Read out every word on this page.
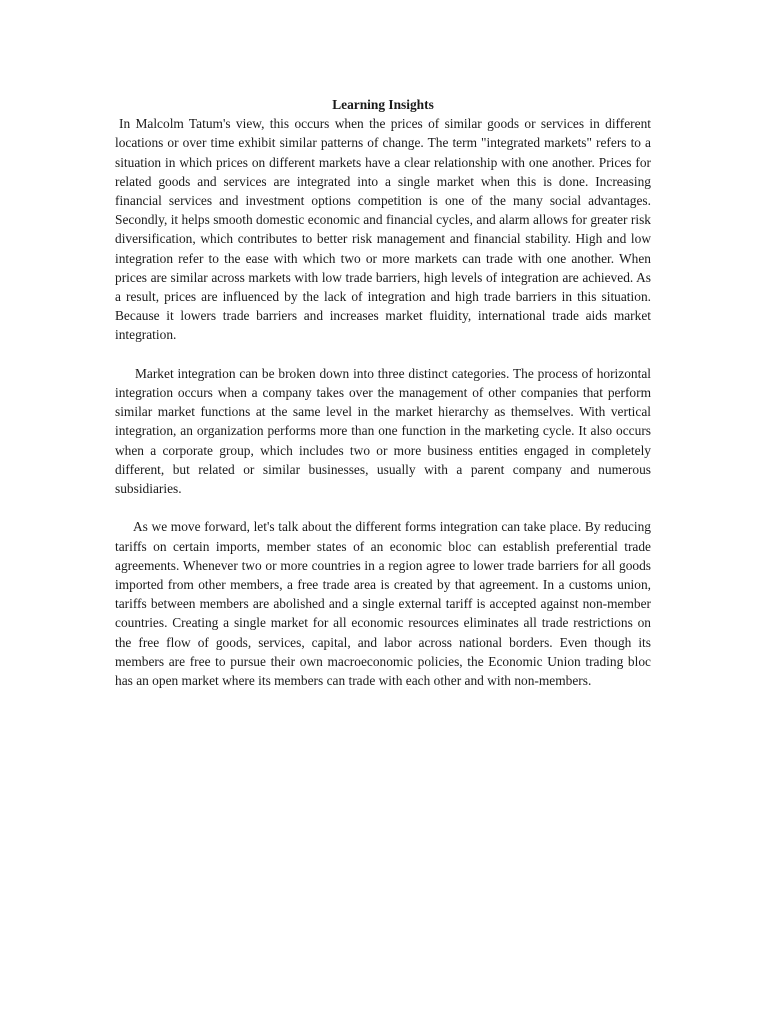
Learning Insights

In Malcolm Tatum's view, this occurs when the prices of similar goods or services in different locations or over time exhibit similar patterns of change. The term "integrated markets" refers to a situation in which prices on different markets have a clear relationship with one another. Prices for related goods and services are integrated into a single market when this is done. Increasing financial services and investment options competition is one of the many social advantages. Secondly, it helps smooth domestic economic and financial cycles, and alarm allows for greater risk diversification, which contributes to better risk management and financial stability. High and low integration refer to the ease with which two or more markets can trade with one another. When prices are similar across markets with low trade barriers, high levels of integration are achieved. As a result, prices are influenced by the lack of integration and high trade barriers in this situation. Because it lowers trade barriers and increases market fluidity, international trade aids market integration.

Market integration can be broken down into three distinct categories. The process of horizontal integration occurs when a company takes over the management of other companies that perform similar market functions at the same level in the market hierarchy as themselves. With vertical integration, an organization performs more than one function in the marketing cycle. It also occurs when a corporate group, which includes two or more business entities engaged in completely different, but related or similar businesses, usually with a parent company and numerous subsidiaries.

As we move forward, let's talk about the different forms integration can take place. By reducing tariffs on certain imports, member states of an economic bloc can establish preferential trade agreements. Whenever two or more countries in a region agree to lower trade barriers for all goods imported from other members, a free trade area is created by that agreement. In a customs union, tariffs between members are abolished and a single external tariff is accepted against non-member countries. Creating a single market for all economic resources eliminates all trade restrictions on the free flow of goods, services, capital, and labor across national borders. Even though its members are free to pursue their own macroeconomic policies, the Economic Union trading bloc has an open market where its members can trade with each other and with non-members.
